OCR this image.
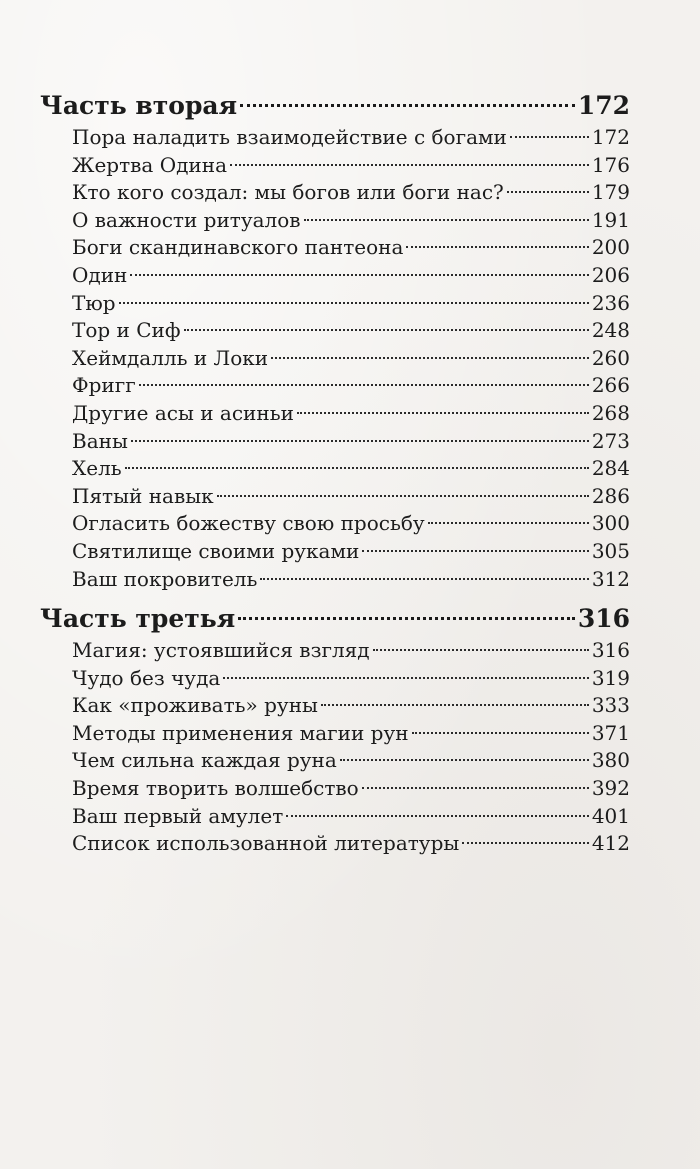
Часть вторая	172
Пора наладить взаимодействие с богами	172
Жертва Одина	176
Кто кого создал: мы богов или боги нас?	179
О важности ритуалов	191
Боги скандинавского пантеона	200
Один	206
Тюр	236
Тор и Сиф	248
Хеймдалль и Локи	260
Фригг	266
Другие асы и асиньи	268
Ваны	273
Хель	284
Пятый навык	286
Огласить божеству свою просьбу	300
Святилище своими руками	305
Ваш покровитель	312
Часть третья	316
Магия: устоявшийся взгляд	316
Чудо без чуда	319
Как «проживать» руны	333
Методы применения магии рун	371
Чем сильна каждая руна	380
Время творить волшебство	392
Ваш первый амулет	401
Список использованной литературы	412
